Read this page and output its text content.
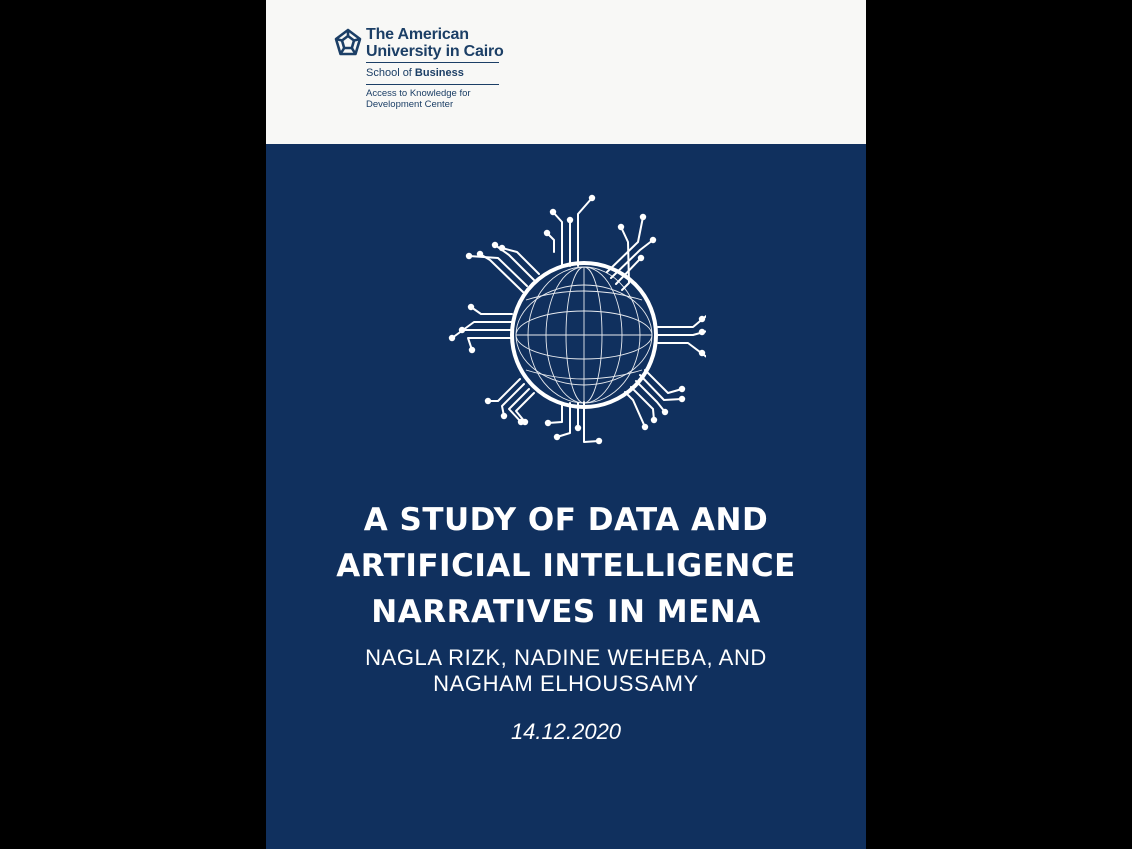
The American
University in Cairo
School of Business
Access to Knowledge for
Development Center
A STUDY OF DATA AND
ARTIFICIAL INTELLIGENCE
NARRATIVES IN MENA
NAGLA RIZK, NADINE WEHEBA, AND
NAGHAM ELHOUSSAMY
14.12.2020
